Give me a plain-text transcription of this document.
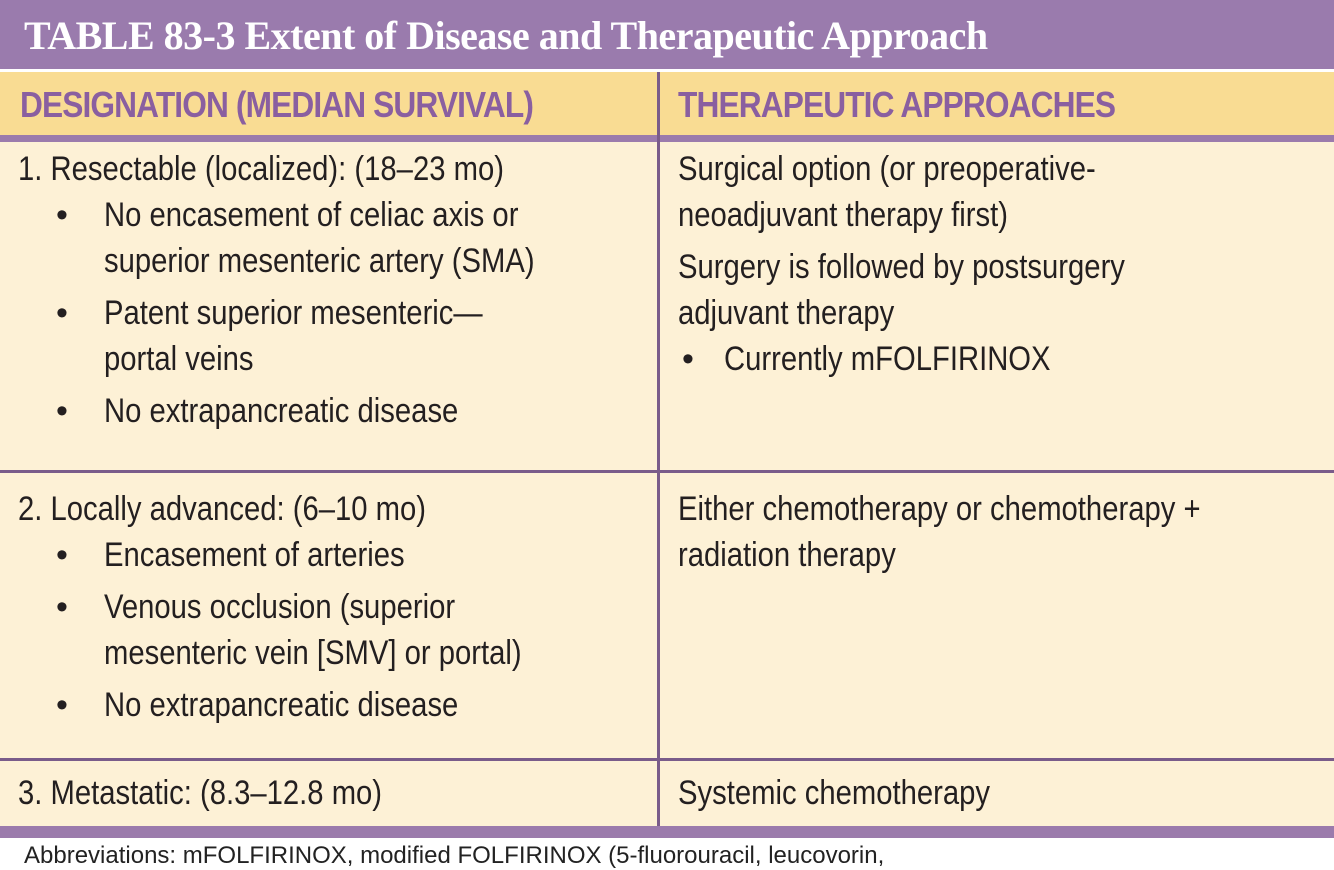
TABLE 83-3 Extent of Disease and Therapeutic Approach
DESIGNATION (MEDIAN SURVIVAL)	THERAPEUTIC APPROACHES
1. Resectable (localized): (18–23 mo)
• No encasement of celiac axis or
superior mesenteric artery (SMA)
• Patent superior mesenteric—
portal veins
• No extrapancreatic disease
Surgical option (or preoperative-
neoadjuvant therapy first)
Surgery is followed by postsurgery
adjuvant therapy
• Currently mFOLFIRINOX
2. Locally advanced: (6–10 mo)
• Encasement of arteries
• Venous occlusion (superior
mesenteric vein [SMV] or portal)
• No extrapancreatic disease
Either chemotherapy or chemotherapy +
radiation therapy
3. Metastatic: (8.3–12.8 mo)	Systemic chemotherapy
Abbreviations: mFOLFIRINOX, modified FOLFIRINOX (5-fluorouracil, leucovorin,
